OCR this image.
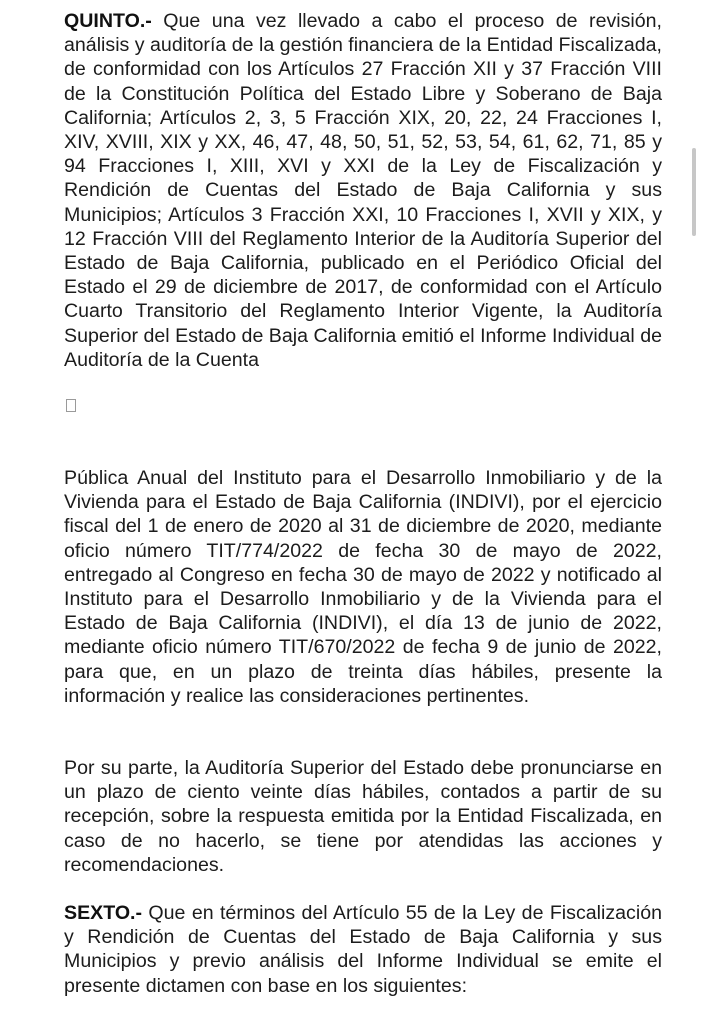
QUINTO.- Que una vez llevado a cabo el proceso de revisión, análisis y auditoría de la gestión financiera de la Entidad Fiscalizada, de conformidad con los Artículos 27 Fracción XII y 37 Fracción VIII de la Constitución Política del Estado Libre y Soberano de Baja California; Artículos 2, 3, 5 Fracción XIX, 20, 22, 24 Fracciones I, XIV, XVIII, XIX y XX, 46, 47, 48, 50, 51, 52, 53, 54, 61, 62, 71, 85 y 94 Fracciones I, XIII, XVI y XXI de la Ley de Fiscalización y Rendición de Cuentas del Estado de Baja California y sus Municipios; Artículos 3 Fracción XXI, 10 Fracciones I, XVII y XIX, y 12 Fracción VIII del Reglamento Interior de la Auditoría Superior del Estado de Baja California, publicado en el Periódico Oficial del Estado el 29 de diciembre de 2017, de conformidad con el Artículo Cuarto Transitorio del Reglamento Interior Vigente, la Auditoría Superior del Estado de Baja California emitió el Informe Individual de Auditoría de la Cuenta

Pública Anual del Instituto para el Desarrollo Inmobiliario y de la Vivienda para el Estado de Baja California (INDIVI), por el ejercicio fiscal del 1 de enero de 2020 al 31 de diciembre de 2020, mediante oficio número TIT/774/2022 de fecha 30 de mayo de 2022, entregado al Congreso en fecha 30 de mayo de 2022 y notificado al Instituto para el Desarrollo Inmobiliario y de la Vivienda para el Estado de Baja California (INDIVI), el día 13 de junio de 2022, mediante oficio número TIT/670/2022 de fecha 9 de junio de 2022, para que, en un plazo de treinta días hábiles, presente la información y realice las consideraciones pertinentes.

Por su parte, la Auditoría Superior del Estado debe pronunciarse en un plazo de ciento veinte días hábiles, contados a partir de su recepción, sobre la respuesta emitida por la Entidad Fiscalizada, en caso de no hacerlo, se tiene por atendidas las acciones y recomendaciones.

SEXTO.- Que en términos del Artículo 55 de la Ley de Fiscalización y Rendición de Cuentas del Estado de Baja California y sus Municipios y previo análisis del Informe Individual se emite el presente dictamen con base en los siguientes:
